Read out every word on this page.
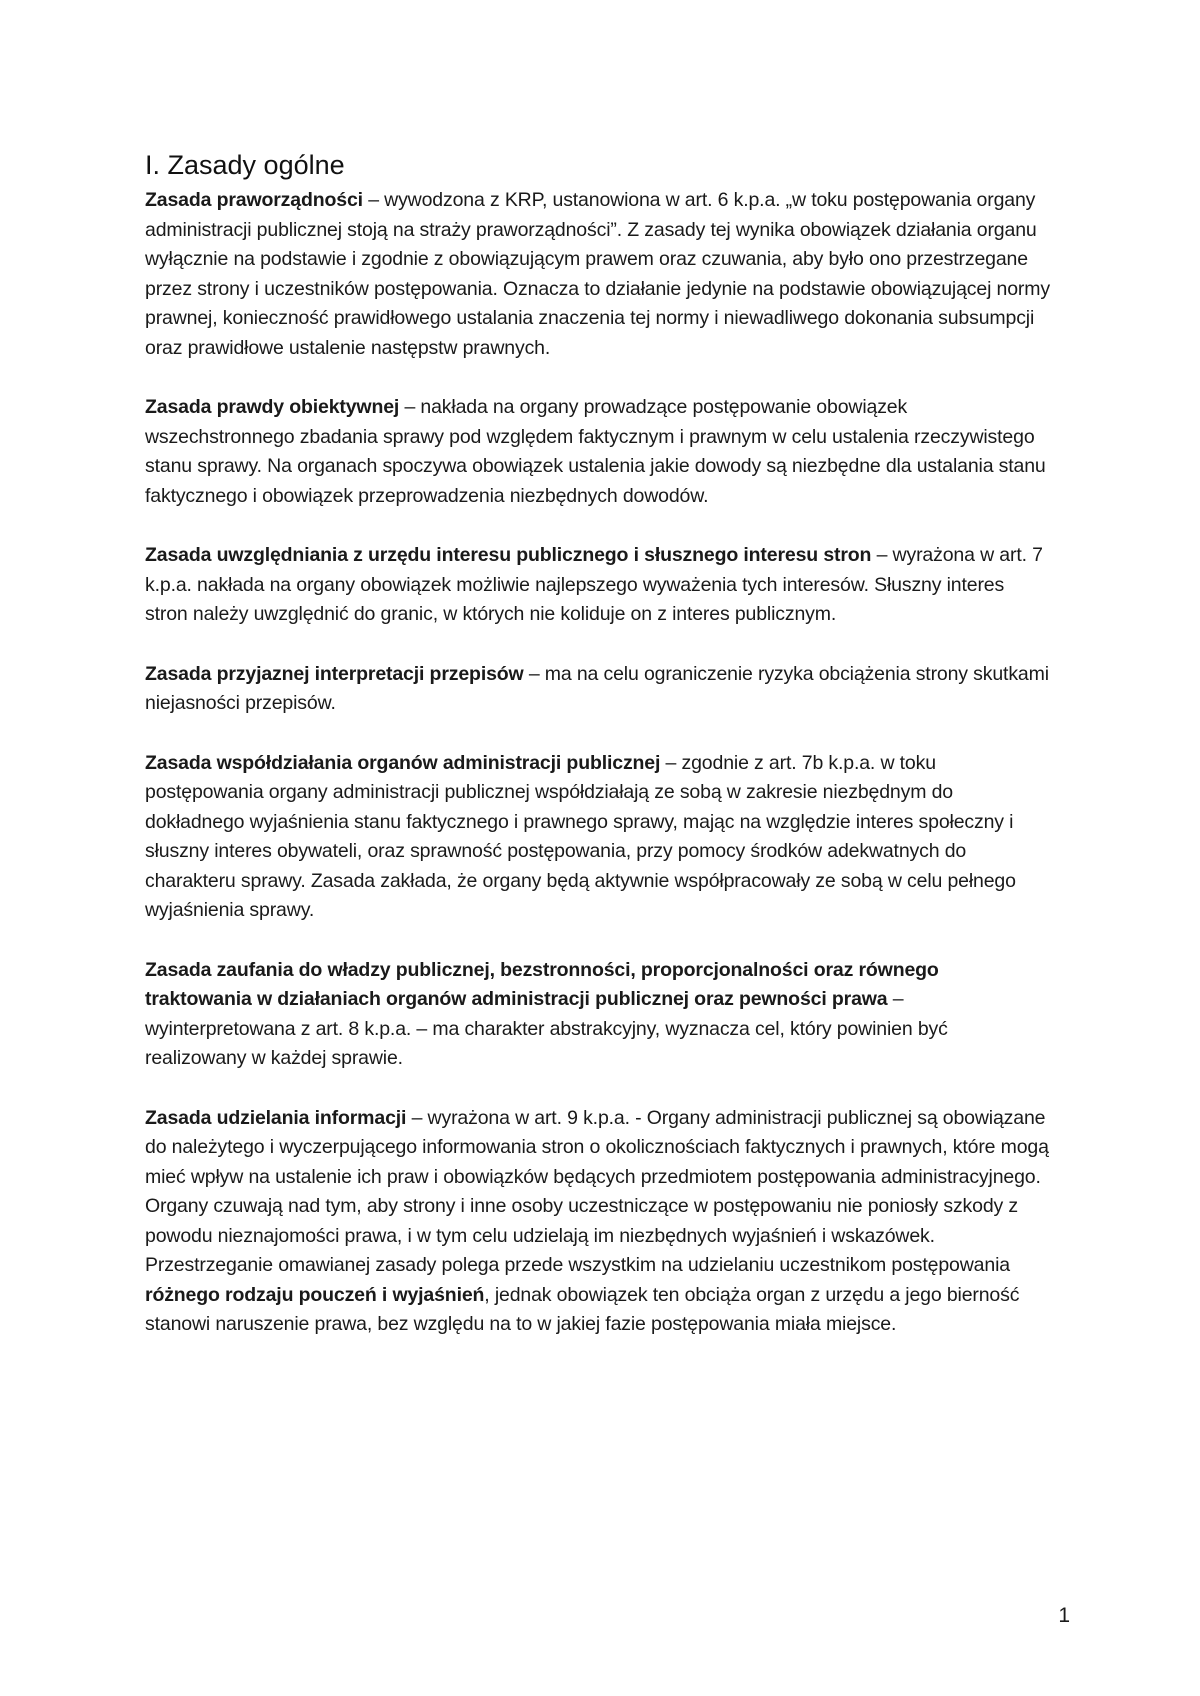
I. Zasady ogólne

Zasada praworządności – wywodzona z KRP, ustanowiona w art. 6 k.p.a. „w toku postępowania organy administracji publicznej stoją na straży praworządności”. Z zasady tej wynika obowiązek działania organu wyłącznie na podstawie i zgodnie z obowiązującym prawem oraz czuwania, aby było ono przestrzegane przez strony i uczestników postępowania. Oznacza to działanie jedynie na podstawie obowiązującej normy prawnej, konieczność prawidłowego ustalania znaczenia tej normy i niewadliwego dokonania subsumpcji oraz prawidłowe ustalenie następstw prawnych.

Zasada prawdy obiektywnej – nakłada na organy prowadzące postępowanie obowiązek wszechstronnego zbadania sprawy pod względem faktycznym i prawnym w celu ustalenia rzeczywistego stanu sprawy. Na organach spoczywa obowiązek ustalenia jakie dowody są niezbędne dla ustalania stanu faktycznego i obowiązek przeprowadzenia niezbędnych dowodów.

Zasada uwzględniania z urzędu interesu publicznego i słusznego interesu stron – wyrażona w art. 7 k.p.a. nakłada na organy obowiązek możliwie najlepszego wyważenia tych interesów. Słuszny interes stron należy uwzględnić do granic, w których nie koliduje on z interes publicznym.

Zasada przyjaznej interpretacji przepisów – ma na celu ograniczenie ryzyka obciążenia strony skutkami niejasności przepisów.

Zasada współdziałania organów administracji publicznej – zgodnie z art. 7b k.p.a. w toku postępowania organy administracji publicznej współdziałają ze sobą w zakresie niezbędnym do dokładnego wyjaśnienia stanu faktycznego i prawnego sprawy, mając na względzie interes społeczny i słuszny interes obywateli, oraz sprawność postępowania, przy pomocy środków adekwatnych do charakteru sprawy. Zasada zakłada, że organy będą aktywnie współpracowały ze sobą w celu pełnego wyjaśnienia sprawy.

Zasada zaufania do władzy publicznej, bezstronności, proporcjonalności oraz równego traktowania w działaniach organów administracji publicznej oraz pewności prawa – wyinterpretowana z art. 8 k.p.a. – ma charakter abstrakcyjny, wyznacza cel, który powinien być realizowany w każdej sprawie.

Zasada udzielania informacji – wyrażona w art. 9 k.p.a. - Organy administracji publicznej są obowiązane do należytego i wyczerpującego informowania stron o okolicznościach faktycznych i prawnych, które mogą mieć wpływ na ustalenie ich praw i obowiązków będących przedmiotem postępowania administracyjnego. Organy czuwają nad tym, aby strony i inne osoby uczestniczące w postępowaniu nie poniosły szkody z powodu nieznajomości prawa, i w tym celu udzielają im niezbędnych wyjaśnień i wskazówek. Przestrzeganie omawianej zasady polega przede wszystkim na udzielaniu uczestnikom postępowania różnego rodzaju pouczeń i wyjaśnień, jednak obowiązek ten obciąża organ z urzędu a jego bierność stanowi naruszenie prawa, bez względu na to w jakiej fazie postępowania miała miejsce.

1
